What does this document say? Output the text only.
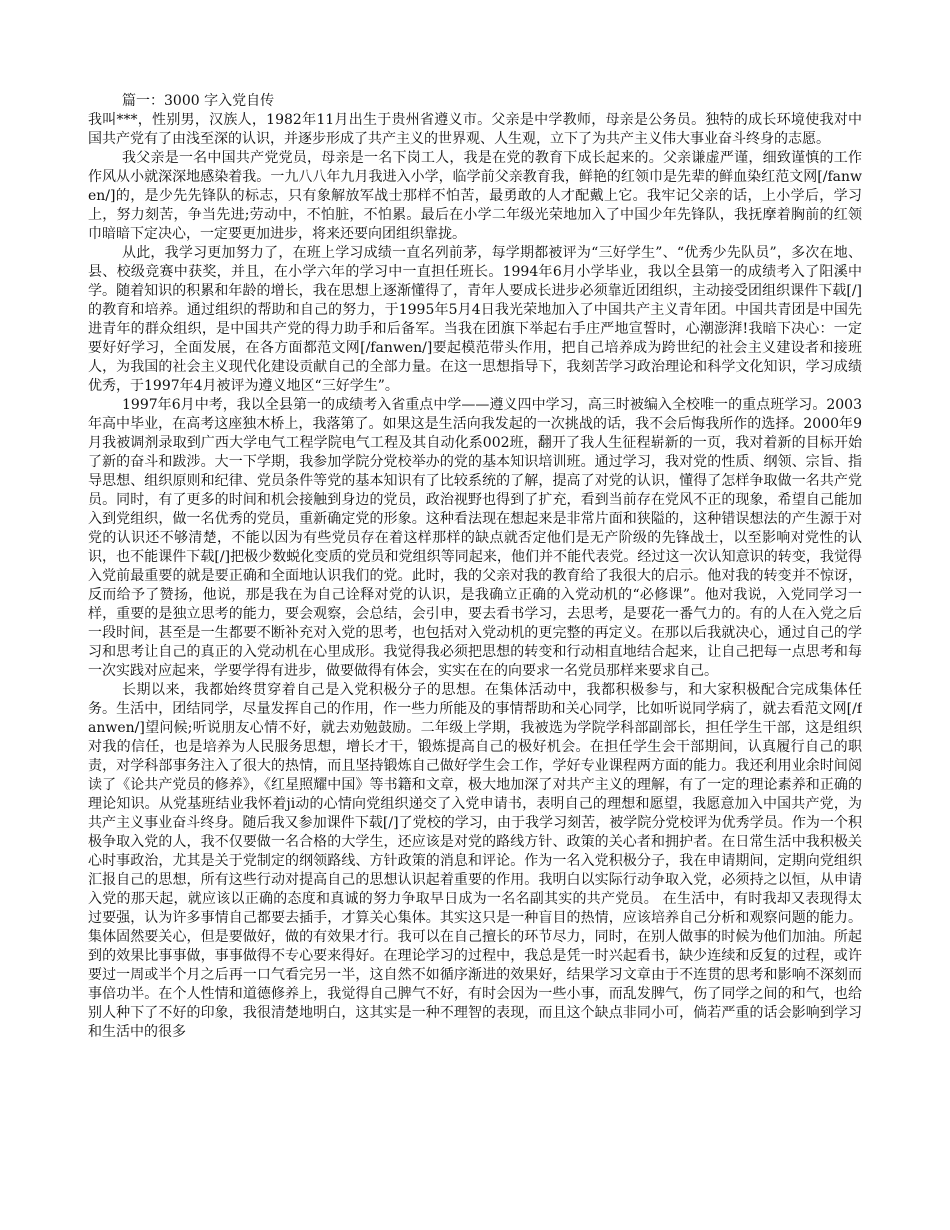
篇一：3000 字入党自传

我叫***，性别男，汉族人，1982年11月出生于贵州省遵义市。父亲是中学教师，母亲是公务员。独特的成长环境使我对中国共产党有了由浅至深的认识，并逐步形成了共产主义的世界观、人生观，立下了为共产主义伟大事业奋斗终身的志愿。

我父亲是一名中国共产党党员，母亲是一名下岗工人，我是在党的教育下成长起来的。父亲谦虚严谨，细致谨慎的工作作风从小就深深地感染着我。一九八八年九月我进入小学，临学前父亲教育我，鲜艳的红领巾是先辈的鲜血染红范文网[/fanwen/]的，是少先先锋队的标志，只有象解放军战士那样不怕苦，最勇敢的人才配戴上它。我牢记父亲的话，上小学后，学习上，努力刻苦，争当先进;劳动中，不怕脏，不怕累。最后在小学二年级光荣地加入了中国少年先锋队，我抚摩着胸前的红领巾暗暗下定决心，一定要更加进步，将来还要向团组织靠拢。

从此，我学习更加努力了，在班上学习成绩一直名列前茅，每学期都被评为“三好学生”、“优秀少先队员”，多次在地、县、校级竞赛中获奖，并且，在小学六年的学习中一直担任班长。1994年6月小学毕业，我以全县第一的成绩考入了阳溪中学。随着知识的积累和年龄的增长，我在思想上逐渐懂得了，青年人要成长进步必须靠近团组织，主动接受团组织课件下载[/]的教育和培养。通过组织的帮助和自己的努力，于1995年5月4日我光荣地加入了中国共产主义青年团。中国共青团是中国先进青年的群众组织，是中国共产党的得力助手和后备军。当我在团旗下举起右手庄严地宣誓时，心潮澎湃!我暗下决心：一定要好好学习，全面发展，在各方面都范文网[/fanwen/]要起模范带头作用，把自己培养成为跨世纪的社会主义建设者和接班人，为我国的社会主义现代化建设贡献自己的全部力量。在这一思想指导下，我刻苦学习政治理论和科学文化知识，学习成绩优秀，于1997年4月被评为遵义地区“三好学生”。

1997年6月中考，我以全县第一的成绩考入省重点中学——遵义四中学习，高三时被编入全校唯一的重点班学习。2003年高中毕业，在高考这座独木桥上，我落第了。如果这是生活向我发起的一次挑战的话，我不会后悔我所作的选择。2000年9月我被调剂录取到广西大学电气工程学院电气工程及其自动化系002班，翻开了我人生征程崭新的一页，我对着新的目标开始了新的奋斗和跋涉。大一下学期，我参加学院分党校举办的党的基本知识培训班。通过学习，我对党的性质、纲领、宗旨、指导思想、组织原则和纪律、党员条件等党的基本知识有了比较系统的了解，提高了对党的认识，懂得了怎样争取做一名共产党员。同时，有了更多的时间和机会接触到身边的党员，政治视野也得到了扩充，看到当前存在党风不正的现象，希望自己能加入到党组织，做一名优秀的党员，重新确定党的形象。这种看法现在想起来是非常片面和狭隘的，这种错误想法的产生源于对党的认识还不够清楚，不能以因为有些党员存在着这样那样的缺点就否定他们是无产阶级的先锋战士，以至影响对党性的认识，也不能课件下载[/]把极少数蜕化变质的党员和党组织等同起来，他们并不能代表党。经过这一次认知意识的转变，我觉得入党前最重要的就是要正确和全面地认识我们的党。此时，我的父亲对我的教育给了我很大的启示。他对我的转变并不惊讶，反而给予了赞扬，他说，那是我在为自己诠释对党的认识，是我确立正确的入党动机的“必修课”。他对我说，入党同学习一样，重要的是独立思考的能力，要会观察，会总结，会引申，要去看书学习，去思考，是要花一番气力的。有的人在入党之后一段时间，甚至是一生都要不断补充对入党的思考，也包括对入党动机的更完整的再定义。在那以后我就决心，通过自己的学习和思考让自己的真正的入党动机在心里成形。我觉得我必须把思想的转变和行动相直地结合起来，让自己把每一点思考和每一次实践对应起来，学要学得有进步，做要做得有体会，实实在在的向要求一名党员那样来要求自己。

长期以来，我都始终贯穿着自己是入党积极分子的思想。在集体活动中，我都积极参与，和大家积极配合完成集体任务。生活中，团结同学，尽量发挥自己的作用，作一些力所能及的事情帮助和关心同学，比如听说同学病了，就去看范文网[/fanwen/]望问候;听说朋友心情不好，就去劝勉鼓励。二年级上学期，我被选为学院学科部副部长，担任学生干部，这是组织对我的信任，也是培养为人民服务思想，增长才干，锻炼提高自己的极好机会。在担任学生会干部期间，认真履行自己的职责，对学科部事务注入了很大的热情，而且坚持锻炼自己做好学生会工作，学好专业课程两方面的能力。我还利用业余时间阅读了《论共产党员的修养》，《红星照耀中国》等书籍和文章，极大地加深了对共产主义的理解，有了一定的理论素养和正确的理论知识。从党基班结业我怀着ji动的心情向党组织递交了入党申请书，表明自己的理想和愿望，我愿意加入中国共产党，为共产主义事业奋斗终身。随后我又参加课件下载[/]了党校的学习，由于我学习刻苦，被学院分党校评为优秀学员。作为一个积极争取入党的人，我不仅要做一名合格的大学生，还应该是对党的路线方针、政策的关心者和拥护者。在日常生活中我积极关心时事政治，尤其是关于党制定的纲领路线、方针政策的消息和评论。作为一名入党积极分子，我在申请期间，定期向党组织汇报自己的思想，所有这些行动对提高自己的思想认识起着重要的作用。我明白以实际行动争取入党，必须持之以恒，从申请入党的那天起，就应该以正确的态度和真诚的努力争取早日成为一名名副其实的共产党员。 在生活中，有时我却又表现得太过要强，认为许多事情自己都要去插手，才算关心集体。其实这只是一种盲目的热情，应该培养自己分析和观察问题的能力。集体固然要关心，但是要做好，做的有效果才行。我可以在自己擅长的环节尽力，同时，在别人做事的时候为他们加油。所起到的效果比事事做，事事做得不专心要来得好。在理论学习的过程中，我总是凭一时兴起看书，缺少连续和反复的过程，或许要过一周或半个月之后再一口气看完另一半，这自然不如循序渐进的效果好，结果学习文章由于不连贯的思考和影响不深刻而事倍功半。在个人性情和道德修养上，我觉得自己脾气不好，有时会因为一些小事，而乱发脾气，伤了同学之间的和气，也给别人种下了不好的印象，我很清楚地明白，这其实是一种不理智的表现，而且这个缺点非同小可，倘若严重的话会影响到学习和生活中的很多
